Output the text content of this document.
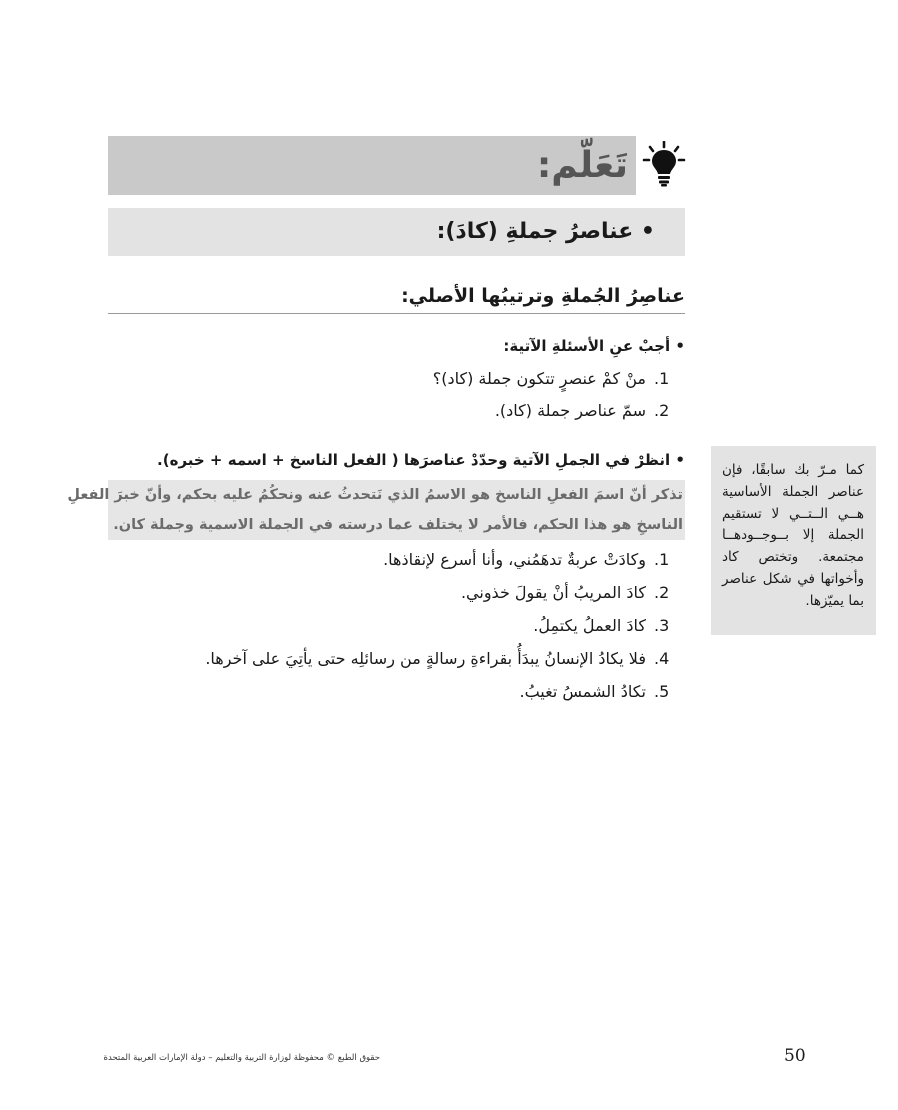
تَعَلّم:
• عناصرُ جملةِ (كادَ):
عناصِرُ الجُملةِ وترتيبُها الأصلي:
• أجبْ عنِ الأسئلةِ الآتية:
1.
منْ كمْ عنصرٍ تتكون جملة (كاد)؟
2.
سمّ عناصر جملة (كاد).
• انظرْ في الجملِ الآتية وحدّدْ عناصرَها ( الفعل الناسخ + اسمه + خبره).
تذكر أنّ اسمَ الفعلِ الناسخ هو الاسمُ الذي نَتحدثُ عنه ونحكُمُ عليه بحكم، وأنّ خبرَ الفعلِ
الناسخِ هو هذا الحكم، فالأمر لا يختلف عما درسته في الجملة الاسمية وجملة كان.
1.
وكادَتْ عربةٌ تدهَمُني، وأنا أسرع لإنقاذها.
2.
كادَ المريبُ أنْ يقولَ خذوني.
3.
كادَ العملُ يكتمِلُ.
4.
فلا يكادُ الإنسانُ يبدَأُ بقراءةِ رسالةٍ من رسائلِه حتى يأتِيَ على آخرها.
5.
تكادُ الشمسُ تغيبُ.
كما مـرّ بك سابقًا، فإن عناصر الجملة الأساسية هــي الــتــي لا تستقيم الجملة إلا بــوجــودهــا مجتمعة. وتختص كاد وأخواتها في شكل عناصر بما يميّزها.
حقوق الطبع © محفوظة لوزارة التربية والتعليم – دولة الإمارات العربية المتحدة	50
